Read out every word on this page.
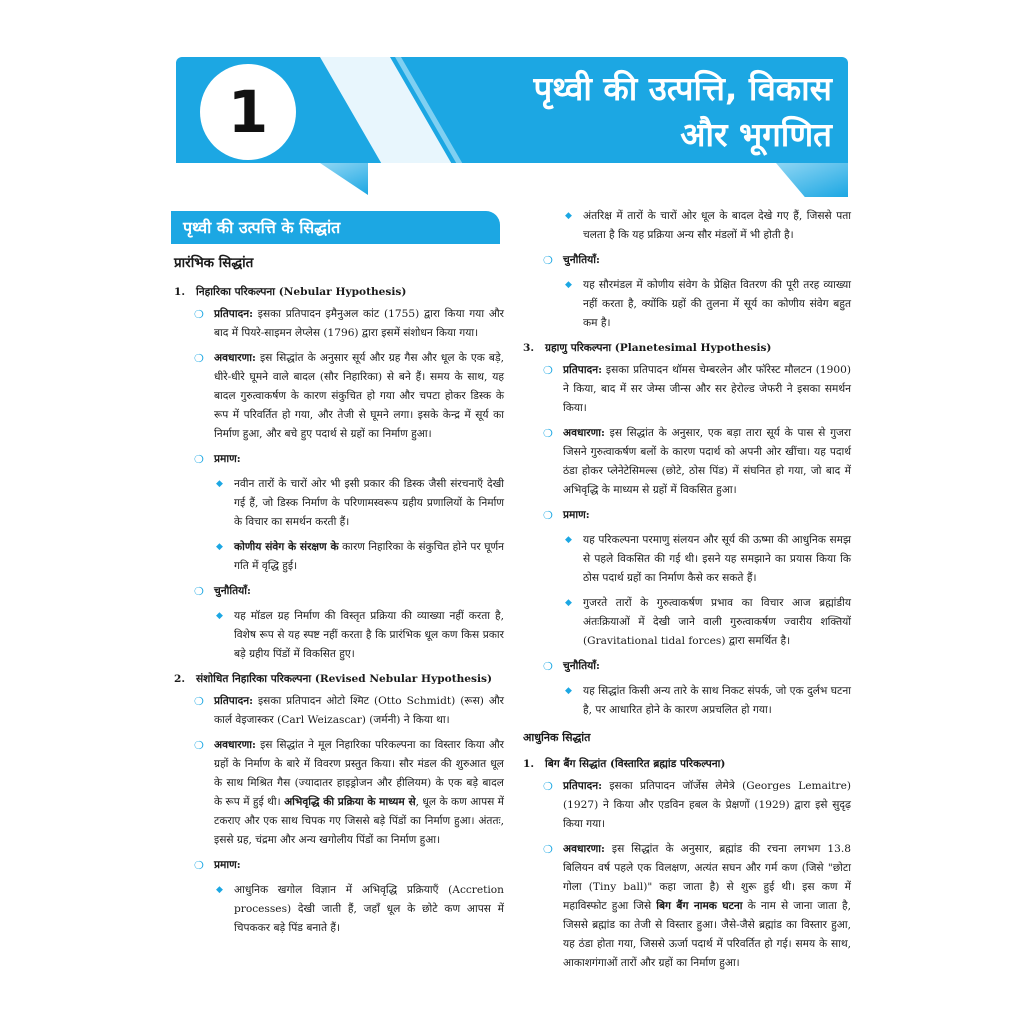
1	पृथ्वी की उत्पत्ति, विकास
और भूगणित
पृथ्वी की उत्पत्ति के सिद्धांत
प्रारंभिक सिद्धांत
1.	निहारिका परिकल्पना (Nebular Hypothesis)
❍ प्रतिपादन: इसका प्रतिपादन इमैनुअल कांट (1755) द्वारा किया गया और बाद में पियरे-साइमन लेप्लेस (1796) द्वारा इसमें संशोधन किया गया।
❍ अवधारणा: इस सिद्धांत के अनुसार सूर्य और ग्रह गैस और धूल के एक बड़े, धीरे-धीरे घूमने वाले बादल (सौर निहारिका) से बने हैं। समय के साथ, यह बादल गुरुत्वाकर्षण के कारण संकुचित हो गया और चपटा होकर डिस्क के रूप में परिवर्तित हो गया, और तेजी से घूमने लगा। इसके केन्द्र में सूर्य का निर्माण हुआ, और बचे हुए पदार्थ से ग्रहों का निर्माण हुआ।
❍ प्रमाण:
◆	नवीन तारों के चारों ओर भी इसी प्रकार की डिस्क जैसी संरचनाएँ देखी गई हैं, जो डिस्क निर्माण के परिणामस्वरूप ग्रहीय प्रणालियों के निर्माण के विचार का समर्थन करती हैं।
◆	कोणीय संवेग के संरक्षण के कारण निहारिका के संकुचित होने पर घूर्णन गति में वृद्धि हुई।
❍ चुनौतियाँ:
◆	यह मॉडल ग्रह निर्माण की विस्तृत प्रक्रिया की व्याख्या नहीं करता है, विशेष रूप से यह स्पष्ट नहीं करता है कि प्रारंभिक धूल कण किस प्रकार बड़े ग्रहीय पिंडों में विकसित हुए।
2.	संशोधित निहारिका परिकल्पना (Revised Nebular Hypothesis)
❍ प्रतिपादन: इसका प्रतिपादन ओटो श्मिट (Otto Schmidt) (रूस) और कार्ल वेइजास्कर (Carl Weizascar) (जर्मनी) ने किया था।
❍ अवधारणा: इस सिद्धांत ने मूल निहारिका परिकल्पना का विस्तार किया और ग्रहों के निर्माण के बारे में विवरण प्रस्तुत किया। सौर मंडल की शुरुआत धूल के साथ मिश्रित गैस (ज्यादातर हाइड्रोजन और हीलियम) के एक बड़े बादल के रूप में हुई थी। अभिवृद्धि की प्रक्रिया के माध्यम से, धूल के कण आपस में टकराए और एक साथ चिपक गए जिससे बड़े पिंडों का निर्माण हुआ। अंततः, इससे ग्रह, चंद्रमा और अन्य खगोलीय पिंडों का निर्माण हुआ।
❍ प्रमाण:
◆	आधुनिक खगोल विज्ञान में अभिवृद्धि प्रक्रियाएँ (Accretion processes) देखी जाती हैं, जहाँ धूल के छोटे कण आपस में चिपककर बड़े पिंड बनाते हैं।
◆	अंतरिक्ष में तारों के चारों ओर धूल के बादल देखे गए हैं, जिससे पता चलता है कि यह प्रक्रिया अन्य सौर मंडलों में भी होती है।
❍ चुनौतियाँ:
◆	यह सौरमंडल में कोणीय संवेग के प्रेक्षित वितरण की पूरी तरह व्याख्या नहीं करता है, क्योंकि ग्रहों की तुलना में सूर्य का कोणीय संवेग बहुत कम है।
3.	ग्रहाणु परिकल्पना (Planetesimal Hypothesis)
❍ प्रतिपादन: इसका प्रतिपादन थॉमस चेम्बरलेन और फॉरेस्ट मौलटन (1900) ने किया, बाद में सर जेम्स जीन्स और सर हेरोल्ड जेफरी ने इसका समर्थन किया।
❍ अवधारणा: इस सिद्धांत के अनुसार, एक बड़ा तारा सूर्य के पास से गुजरा जिसने गुरुत्वाकर्षण बलों के कारण पदार्थ को अपनी ओर खींचा। यह पदार्थ ठंडा होकर प्लेनेटेसिमल्स (छोटे, ठोस पिंड) में संघनित हो गया, जो बाद में अभिवृद्धि के माध्यम से ग्रहों में विकसित हुआ।
❍ प्रमाण:
◆	यह परिकल्पना परमाणु संलयन और सूर्य की ऊष्मा की आधुनिक समझ से पहले विकसित की गई थी। इसने यह समझाने का प्रयास किया कि ठोस पदार्थ ग्रहों का निर्माण कैसे कर सकते हैं।
◆	गुजरते तारों के गुरुत्वाकर्षण प्रभाव का विचार आज ब्रह्मांडीय अंतःक्रियाओं में देखी जाने वाली गुरुत्वाकर्षण ज्वारीय शक्तियों (Gravitational tidal forces) द्वारा समर्थित है।
❍ चुनौतियाँ:
◆	यह सिद्धांत किसी अन्य तारे के साथ निकट संपर्क, जो एक दुर्लभ घटना है, पर आधारित होने के कारण अप्रचलित हो गया।
आधुनिक सिद्धांत
1.	बिग बैंग सिद्धांत (विस्तारित ब्रह्मांड परिकल्पना)
❍ प्रतिपादन: इसका प्रतिपादन जॉर्जेस लेमेत्रे (Georges Lemaitre) (1927) ने किया और एडविन हबल के प्रेक्षणों (1929) द्वारा इसे सुदृढ़ किया गया।
❍ अवधारणा: इस सिद्धांत के अनुसार, ब्रह्मांड की रचना लगभग 13.8 बिलियन वर्ष पहले एक विलक्षण, अत्यंत सघन और गर्म कण (जिसे "छोटा गोला (Tiny ball)" कहा जाता है) से शुरू हुई थी। इस कण में महाविस्फोट हुआ जिसे बिग बैंग नामक घटना के नाम से जाना जाता है, जिससे ब्रह्मांड का तेजी से विस्तार हुआ। जैसे-जैसे ब्रह्मांड का विस्तार हुआ, यह ठंडा होता गया, जिससे ऊर्जा पदार्थ में परिवर्तित हो गई। समय के साथ, आकाशगंगाओं तारों और ग्रहों का निर्माण हुआ।
